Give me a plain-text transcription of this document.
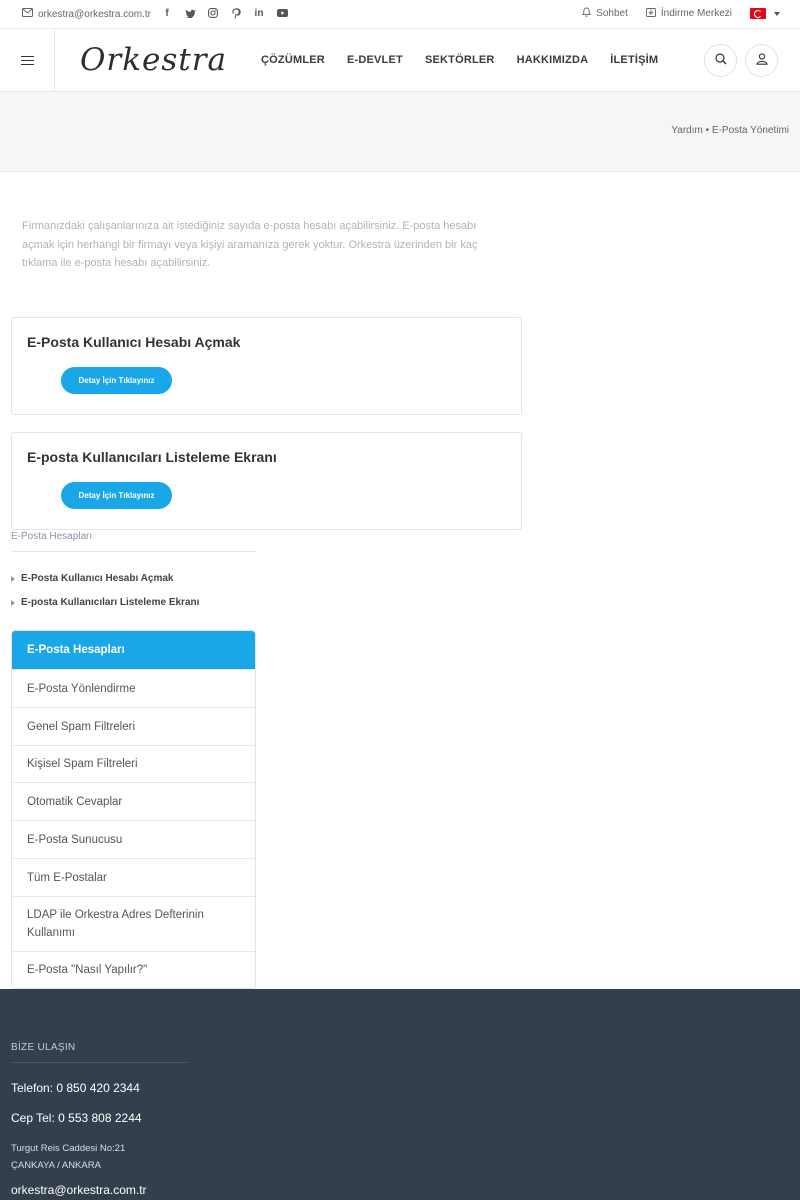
orkestra@orkestra.com.tr	f	in	Sohbet	İndirme Merkezi
Orkestra	ÇÖZÜMLER E-DEVLET SEKTÖRLER HAKKIMIZDA İLETİŞİM
Yardım • E-Posta Yönetimi

Firmanızdaki çalışanlarınıza ait istediğiniz sayıda e-posta hesabı açabilirsiniz. E-posta hesabı açmak için herhangi bir firmayı veya kişiyi aramanıza gerek yoktur. Orkestra üzerinden bir kaç tıklama ile e-posta hesabı açabilirsiniz.

E-Posta Kullanıcı Hesabı Açmak
Detay İçin Tıklayınız
E-posta Kullanıcıları Listeleme Ekranı
Detay İçin Tıklayınız
E-Posta Hesapları
E-Posta Kullanıcı Hesabı Açmak
E-posta Kullanıcıları Listeleme Ekranı
E-Posta Hesapları
E-Posta Yönlendirme
Genel Spam Filtreleri
Kişisel Spam Filtreleri
Otomatik Cevaplar
E-Posta Sunucusu
Tüm E-Postalar
LDAP ile Orkestra Adres Defterinin Kullanımı
E-Posta "Nasıl Yapılır?"
BİZE ULAŞIN
Telefon: 0 850 420 2344
Cep Tel: 0 553 808 2244
Turgut Reis Caddesi No:21
ÇANKAYA / ANKARA
orkestra@orkestra.com.tr
